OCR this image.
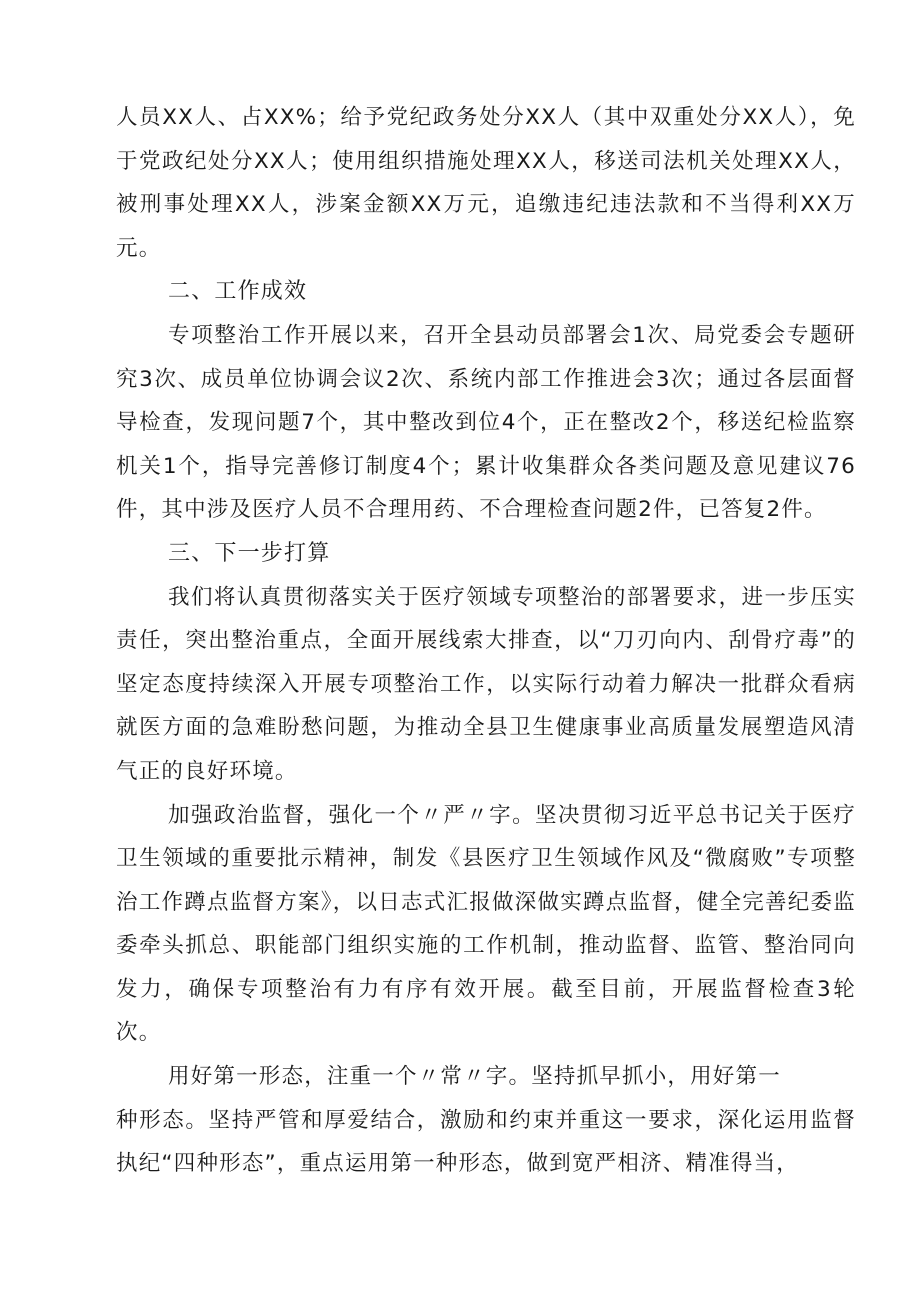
人员XX人、占XX%；给予党纪政务处分XX人（其中双重处分XX人），免于党政纪处分XX人；使用组织措施处理XX人，移送司法机关处理XX人，被刑事处理XX人，涉案金额XX万元，追缴违纪违法款和不当得利XX万元。

二、工作成效

专项整治工作开展以来，召开全县动员部署会1次、局党委会专题研究3次、成员单位协调会议2次、系统内部工作推进会3次；通过各层面督导检查，发现问题7个，其中整改到位4个，正在整改2个，移送纪检监察机关1个，指导完善修订制度4个；累计收集群众各类问题及意见建议76件，其中涉及医疗人员不合理用药、不合理检查问题2件，已答复2件。

三、下一步打算

我们将认真贯彻落实关于医疗领域专项整治的部署要求，进一步压实责任，突出整治重点，全面开展线索大排查，以“刀刃向内、刮骨疗毒”的坚定态度持续深入开展专项整治工作，以实际行动着力解决一批群众看病就医方面的急难盼愁问题，为推动全县卫生健康事业高质量发展塑造风清气正的良好环境。

加强政治监督，强化一个〃严〃字。坚决贯彻习近平总书记关于医疗卫生领域的重要批示精神，制发《县医疗卫生领域作风及“微腐败”专项整治工作蹲点监督方案》，以日志式汇报做深做实蹲点监督，健全完善纪委监委牵头抓总、职能部门组织实施的工作机制，推动监督、监管、整治同向发力，确保专项整治有力有序有效开展。截至目前，开展监督检查3轮次。

用好第一形态，注重一个〃常〃字。坚持抓早抓小，用好第一

种形态。坚持严管和厚爱结合，激励和约束并重这一要求，深化运用监督执纪“四种形态”，重点运用第一种形态，做到宽严相济、精准得当，
